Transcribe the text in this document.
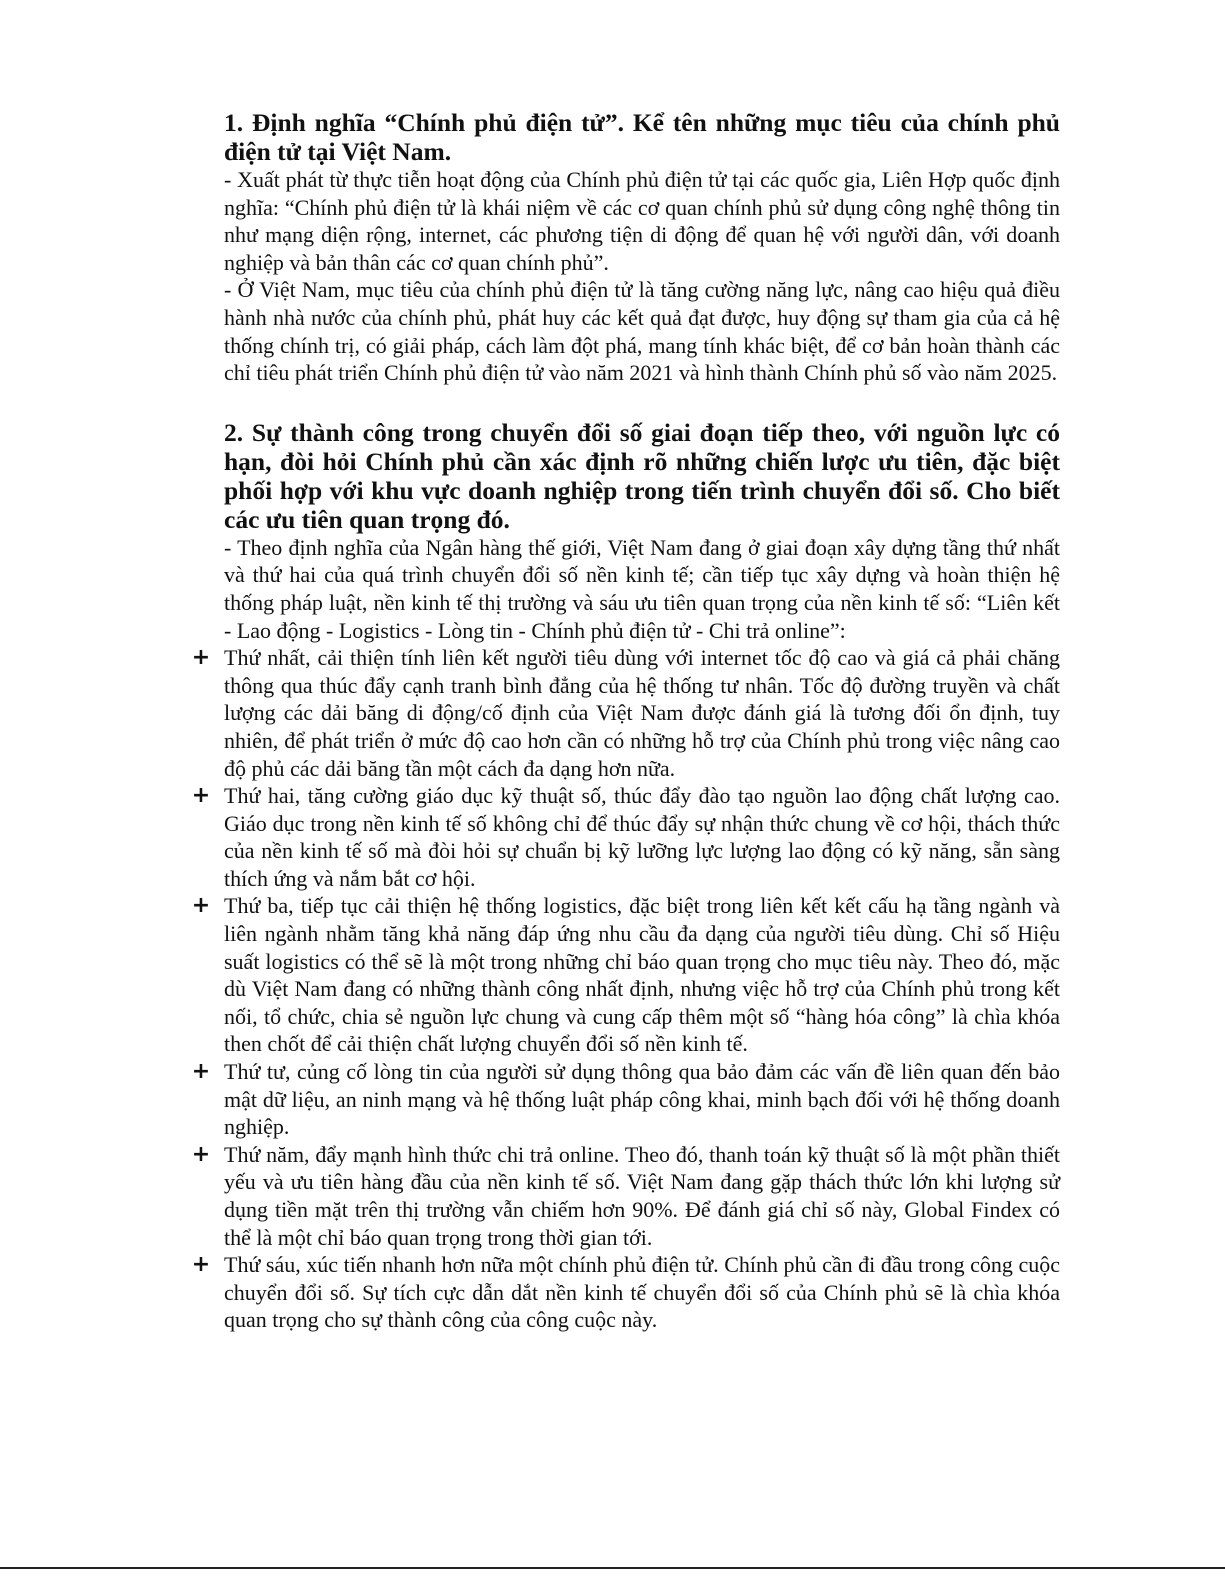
1. Định nghĩa “Chính phủ điện tử”. Kể tên những mục tiêu của chính phủ điện tử tại Việt Nam.

- Xuất phát từ thực tiễn hoạt động của Chính phủ điện tử tại các quốc gia, Liên Hợp quốc định nghĩa: “Chính phủ điện tử là khái niệm về các cơ quan chính phủ sử dụng công nghệ thông tin như mạng diện rộng, internet, các phương tiện di động để quan hệ với người dân, với doanh nghiệp và bản thân các cơ quan chính phủ”.

- Ở Việt Nam, mục tiêu của chính phủ điện tử là tăng cường năng lực, nâng cao hiệu quả điều hành nhà nước của chính phủ, phát huy các kết quả đạt được, huy động sự tham gia của cả hệ thống chính trị, có giải pháp, cách làm đột phá, mang tính khác biệt, để cơ bản hoàn thành các chỉ tiêu phát triển Chính phủ điện tử vào năm 2021 và hình thành Chính phủ số vào năm 2025.

2. Sự thành công trong chuyển đổi số giai đoạn tiếp theo, với nguồn lực có hạn, đòi hỏi Chính phủ cần xác định rõ những chiến lược ưu tiên, đặc biệt phối hợp với khu vực doanh nghiệp trong tiến trình chuyển đổi số. Cho biết các ưu tiên quan trọng đó.

- Theo định nghĩa của Ngân hàng thế giới, Việt Nam đang ở giai đoạn xây dựng tầng thứ nhất và thứ hai của quá trình chuyển đổi số nền kinh tế; cần tiếp tục xây dựng và hoàn thiện hệ thống pháp luật, nền kinh tế thị trường và sáu ưu tiên quan trọng của nền kinh tế số: “Liên kết - Lao động - Logistics - Lòng tin - Chính phủ điện tử - Chi trả online”:

+ Thứ nhất, cải thiện tính liên kết người tiêu dùng với internet tốc độ cao và giá cả phải chăng thông qua thúc đẩy cạnh tranh bình đẳng của hệ thống tư nhân. Tốc độ đường truyền và chất lượng các dải băng di động/cố định của Việt Nam được đánh giá là tương đối ổn định, tuy nhiên, để phát triển ở mức độ cao hơn cần có những hỗ trợ của Chính phủ trong việc nâng cao độ phủ các dải băng tần một cách đa dạng hơn nữa.
+ Thứ hai, tăng cường giáo dục kỹ thuật số, thúc đẩy đào tạo nguồn lao động chất lượng cao. Giáo dục trong nền kinh tế số không chỉ để thúc đẩy sự nhận thức chung về cơ hội, thách thức của nền kinh tế số mà đòi hỏi sự chuẩn bị kỹ lưỡng lực lượng lao động có kỹ năng, sẵn sàng thích ứng và nắm bắt cơ hội.
+ Thứ ba, tiếp tục cải thiện hệ thống logistics, đặc biệt trong liên kết kết cấu hạ tầng ngành và liên ngành nhằm tăng khả năng đáp ứng nhu cầu đa dạng của người tiêu dùng. Chỉ số Hiệu suất logistics có thể sẽ là một trong những chỉ báo quan trọng cho mục tiêu này. Theo đó, mặc dù Việt Nam đang có những thành công nhất định, nhưng việc hỗ trợ của Chính phủ trong kết nối, tổ chức, chia sẻ nguồn lực chung và cung cấp thêm một số “hàng hóa công” là chìa khóa then chốt để cải thiện chất lượng chuyển đổi số nền kinh tế.
+ Thứ tư, củng cố lòng tin của người sử dụng thông qua bảo đảm các vấn đề liên quan đến bảo mật dữ liệu, an ninh mạng và hệ thống luật pháp công khai, minh bạch đối với hệ thống doanh nghiệp.
+ Thứ năm, đẩy mạnh hình thức chi trả online. Theo đó, thanh toán kỹ thuật số là một phần thiết yếu và ưu tiên hàng đầu của nền kinh tế số. Việt Nam đang gặp thách thức lớn khi lượng sử dụng tiền mặt trên thị trường vẫn chiếm hơn 90%. Để đánh giá chỉ số này, Global Findex có thể là một chỉ báo quan trọng trong thời gian tới.
+ Thứ sáu, xúc tiến nhanh hơn nữa một chính phủ điện tử. Chính phủ cần đi đầu trong công cuộc chuyển đổi số. Sự tích cực dẫn dắt nền kinh tế chuyển đổi số của Chính phủ sẽ là chìa khóa quan trọng cho sự thành công của công cuộc này.
